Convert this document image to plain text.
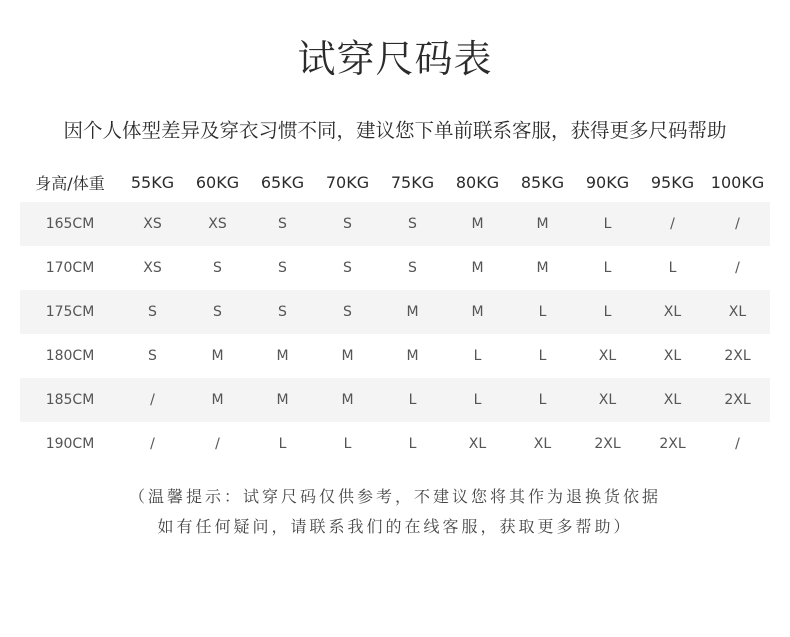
试穿尺码表
因个人体型差异及穿衣习惯不同，建议您下单前联系客服，获得更多尺码帮助
身高/体重	55KG	60KG	65KG	70KG	75KG	80KG	85KG	90KG	95KG	100KG
165CM	XS	XS	S	S	S	M	M	L	/	/
170CM	XS	S	S	S	S	M	M	L	L	/
175CM	S	S	S	S	M	M	L	L	XL	XL
180CM	S	M	M	M	M	L	L	XL	XL	2XL
185CM	/	M	M	M	L	L	L	XL	XL	2XL
190CM	/	/	L	L	L	XL	XL	2XL	2XL	/
（温馨提示：试穿尺码仅供参考，不建议您将其作为退换货依据
如有任何疑问，请联系我们的在线客服，获取更多帮助）
